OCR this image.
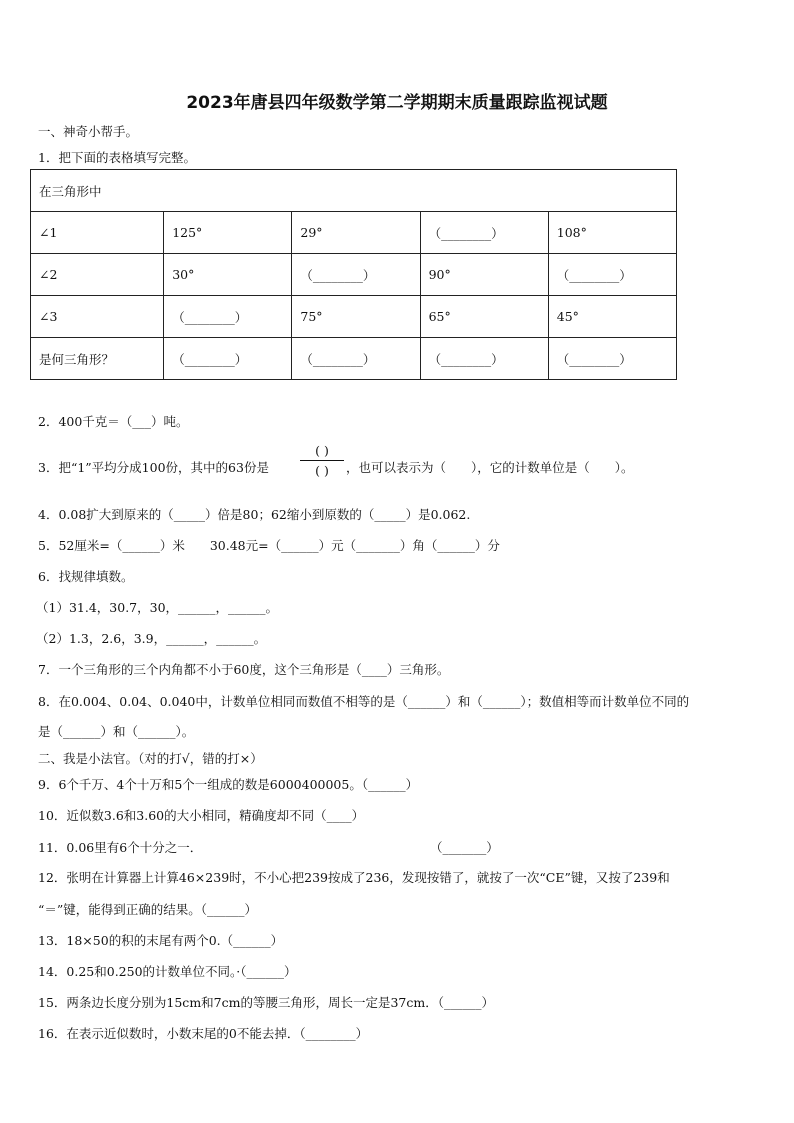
2023年唐县四年级数学第二学期期末质量跟踪监视试题
一、神奇小帮手。
1．把下面的表格填写完整。
在三角形中				
∠1	125°	29°	（________）	108°
∠2	30°	（________）	90°	（________）
∠3	（________）	75°	65°	45°
是何三角形？	（________）	（________）	（________）	（________）
2．400千克＝（___）吨。
3．把“1”平均分成100份，其中的63份是
( )
( )	，也可以表示为（　　），它的计数单位是（　　）。
4．0.08扩大到原来的（_____）倍是80；62缩小到原数的（_____）是0.062.
5．52厘米=（______）米　　30.48元=（______）元（_______）角（______）分
6．找规律填数。
（1）31.4，30.7，30，______，______。
（2）1.3，2.6，3.9，______，______。
7．一个三角形的三个内角都不小于60度，这个三角形是（____）三角形。
8．在0.004、0.04、0.040中，计数单位相同而数值不相等的是（______）和（______）；数值相等而计数单位不同的
是（______）和（______）。
二、我是小法官。（对的打√，错的打×）
9．6个千万、4个十万和5个一组成的数是6000400005。（______）
10．近似数3.6和3.60的大小相同，精确度却不同（____）
11．0.06里有6个十分之一．	（_______）
12．张明在计算器上计算46×239时，不小心把239按成了236，发现按错了，就按了一次“CE”键，又按了239和
“＝”键，能得到正确的结果。（______）
13．18×50的积的末尾有两个0.（______）
14．0.25和0.250的计数单位不同。·（______）
15．两条边长度分别为15cm和7cm的等腰三角形，周长一定是37cm．（______）
16．在表示近似数时，小数末尾的0不能去掉．（________）
